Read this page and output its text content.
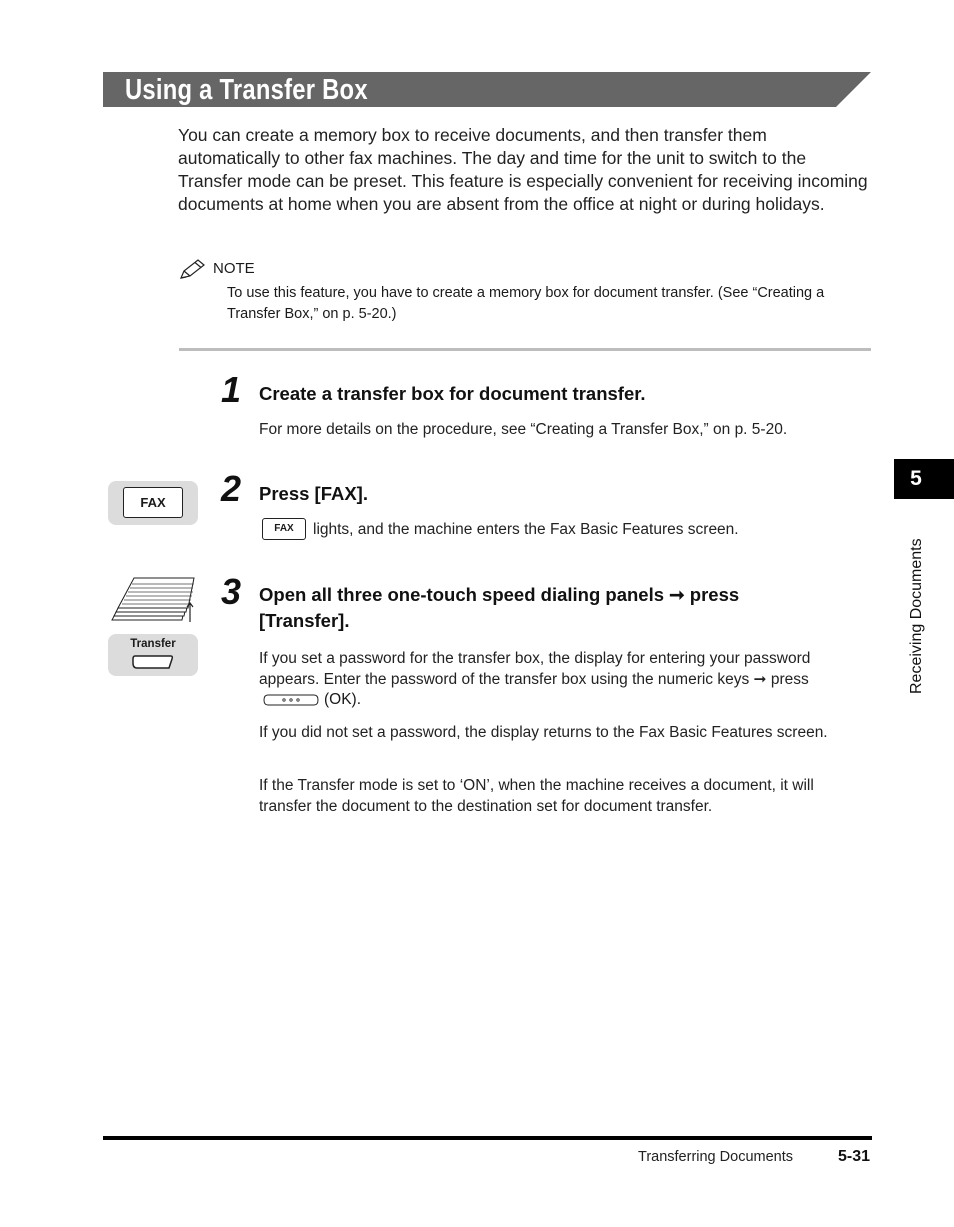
Using a Transfer Box

You can create a memory box to receive documents, and then transfer them automatically to other fax machines. The day and time for the unit to switch to the Transfer mode can be preset. This feature is especially convenient for receiving incoming documents at home when you are absent from the office at night or during holidays.

NOTE

To use this feature, you have to create a memory box for document transfer. (See “Creating a Transfer Box,” on p. 5-20.)

1 Create a transfer box for document transfer.

For more details on the procedure, see “Creating a Transfer Box,” on p. 5-20.

FAX	2 Press [FAX].

FAX	lights, and the machine enters the Fax Basic Features screen.

Transfer
3 Open all three one-touch speed dialing panels ➞ press

[Transfer].

If you set a password for the transfer box, the display for entering your password appears. Enter the password of the transfer box using the numeric keys ➞ press

(OK).

If you did not set a password, the display returns to the Fax Basic Features screen.

If the Transfer mode is set to ‘ON’, when the machine receives a document, it will transfer the document to the destination set for document transfer.

5
Receiving Documents
Transferring Documents	5-31
